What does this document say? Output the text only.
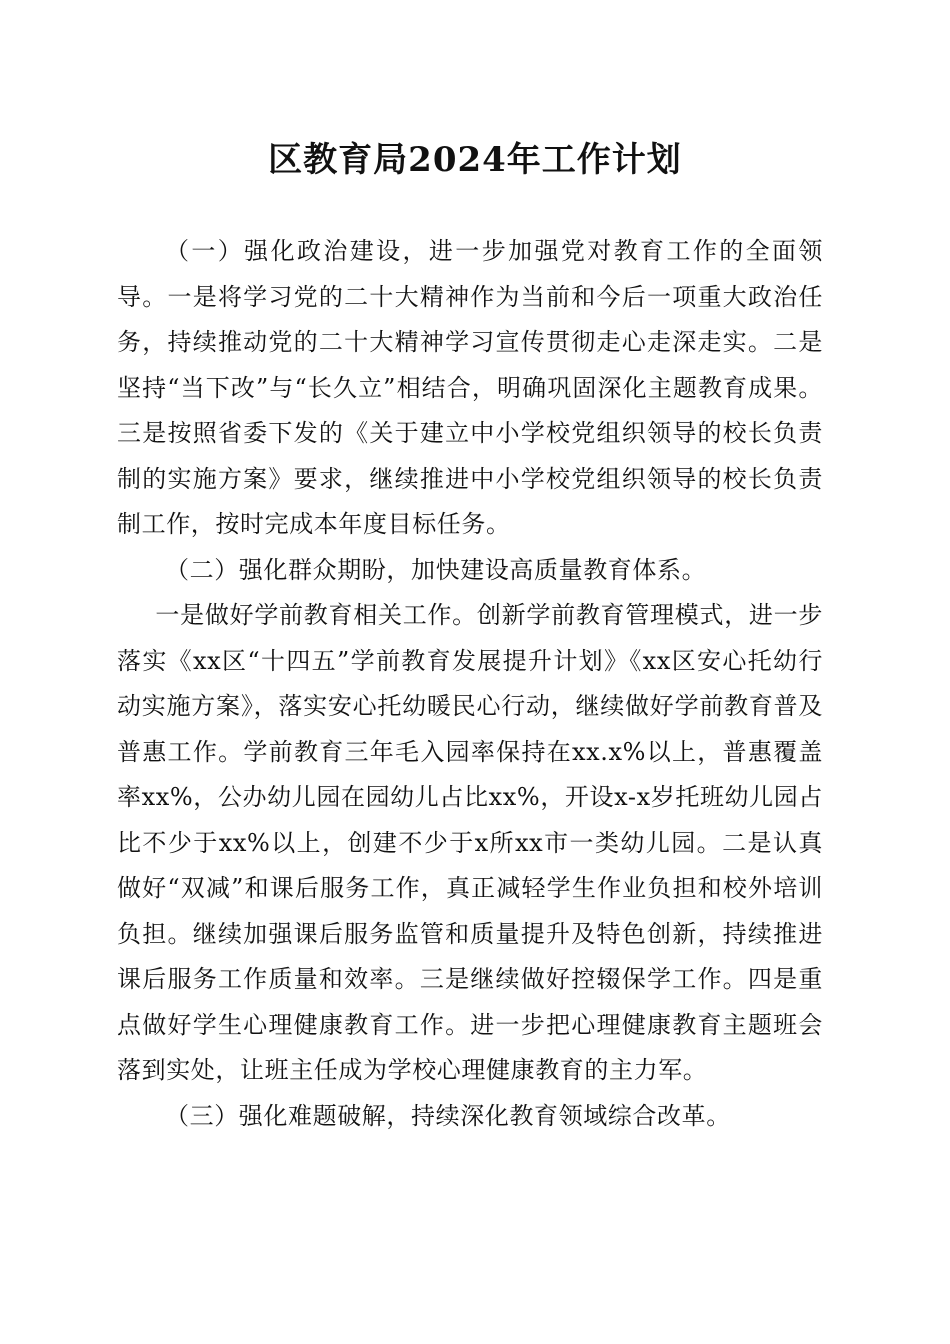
区教育局2024年工作计划

（一）强化政治建设，进一步加强党对教育工作的全面领导。一是将学习党的二十大精神作为当前和今后一项重大政治任务，持续推动党的二十大精神学习宣传贯彻走心走深走实。二是坚持“当下改”与“长久立”相结合，明确巩固深化主题教育成果。三是按照省委下发的《关于建立中小学校党组织领导的校长负责制的实施方案》要求，继续推进中小学校党组织领导的校长负责制工作，按时完成本年度目标任务。

（二）强化群众期盼，加快建设高质量教育体系。

一是做好学前教育相关工作。创新学前教育管理模式，进一步落实《xx区“十四五”学前教育发展提升计划》《xx区安心托幼行动实施方案》，落实安心托幼暖民心行动，继续做好学前教育普及普惠工作。学前教育三年毛入园率保持在xx.x%以上，普惠覆盖率xx%，公办幼儿园在园幼儿占比xx%，开设x-x岁托班幼儿园占比不少于xx%以上，创建不少于x所xx市一类幼儿园。二是认真做好“双减”和课后服务工作，真正减轻学生作业负担和校外培训负担。继续加强课后服务监管和质量提升及特色创新，持续推进课后服务工作质量和效率。三是继续做好控辍保学工作。四是重点做好学生心理健康教育工作。进一步把心理健康教育主题班会落到实处，让班主任成为学校心理健康教育的主力军。

（三）强化难题破解，持续深化教育领域综合改革。
